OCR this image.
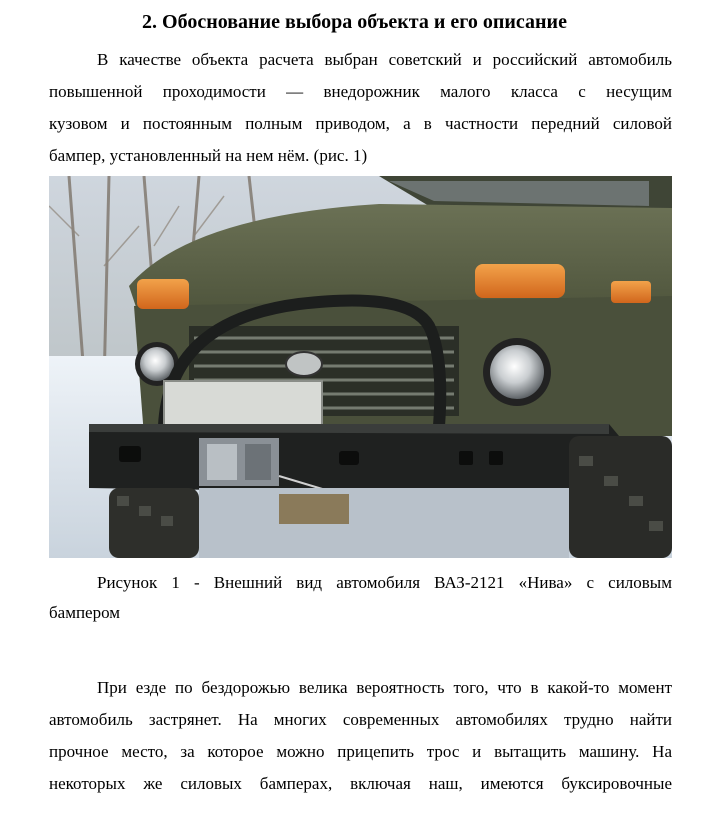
2. Обоснование выбора объекта и его описание
В качестве объекта расчета выбран советский и российский автомобиль
повышенной проходимости — внедорожник малого класса с несущим
кузовом и постоянным полным приводом, а в частности передний силовой
бампер, установленный на нем нём. (рис. 1)
Рисунок 1 - Внешний вид автомобиля ВАЗ-2121 «Нива» с силовым
бампером
При езде по бездорожью велика вероятность того, что в какой-то момент
автомобиль застрянет. На многих современных автомобилях трудно найти
прочное место, за которое можно прицепить трос и вытащить машину. На
некоторых же силовых бамперах, включая наш, имеются буксировочные
